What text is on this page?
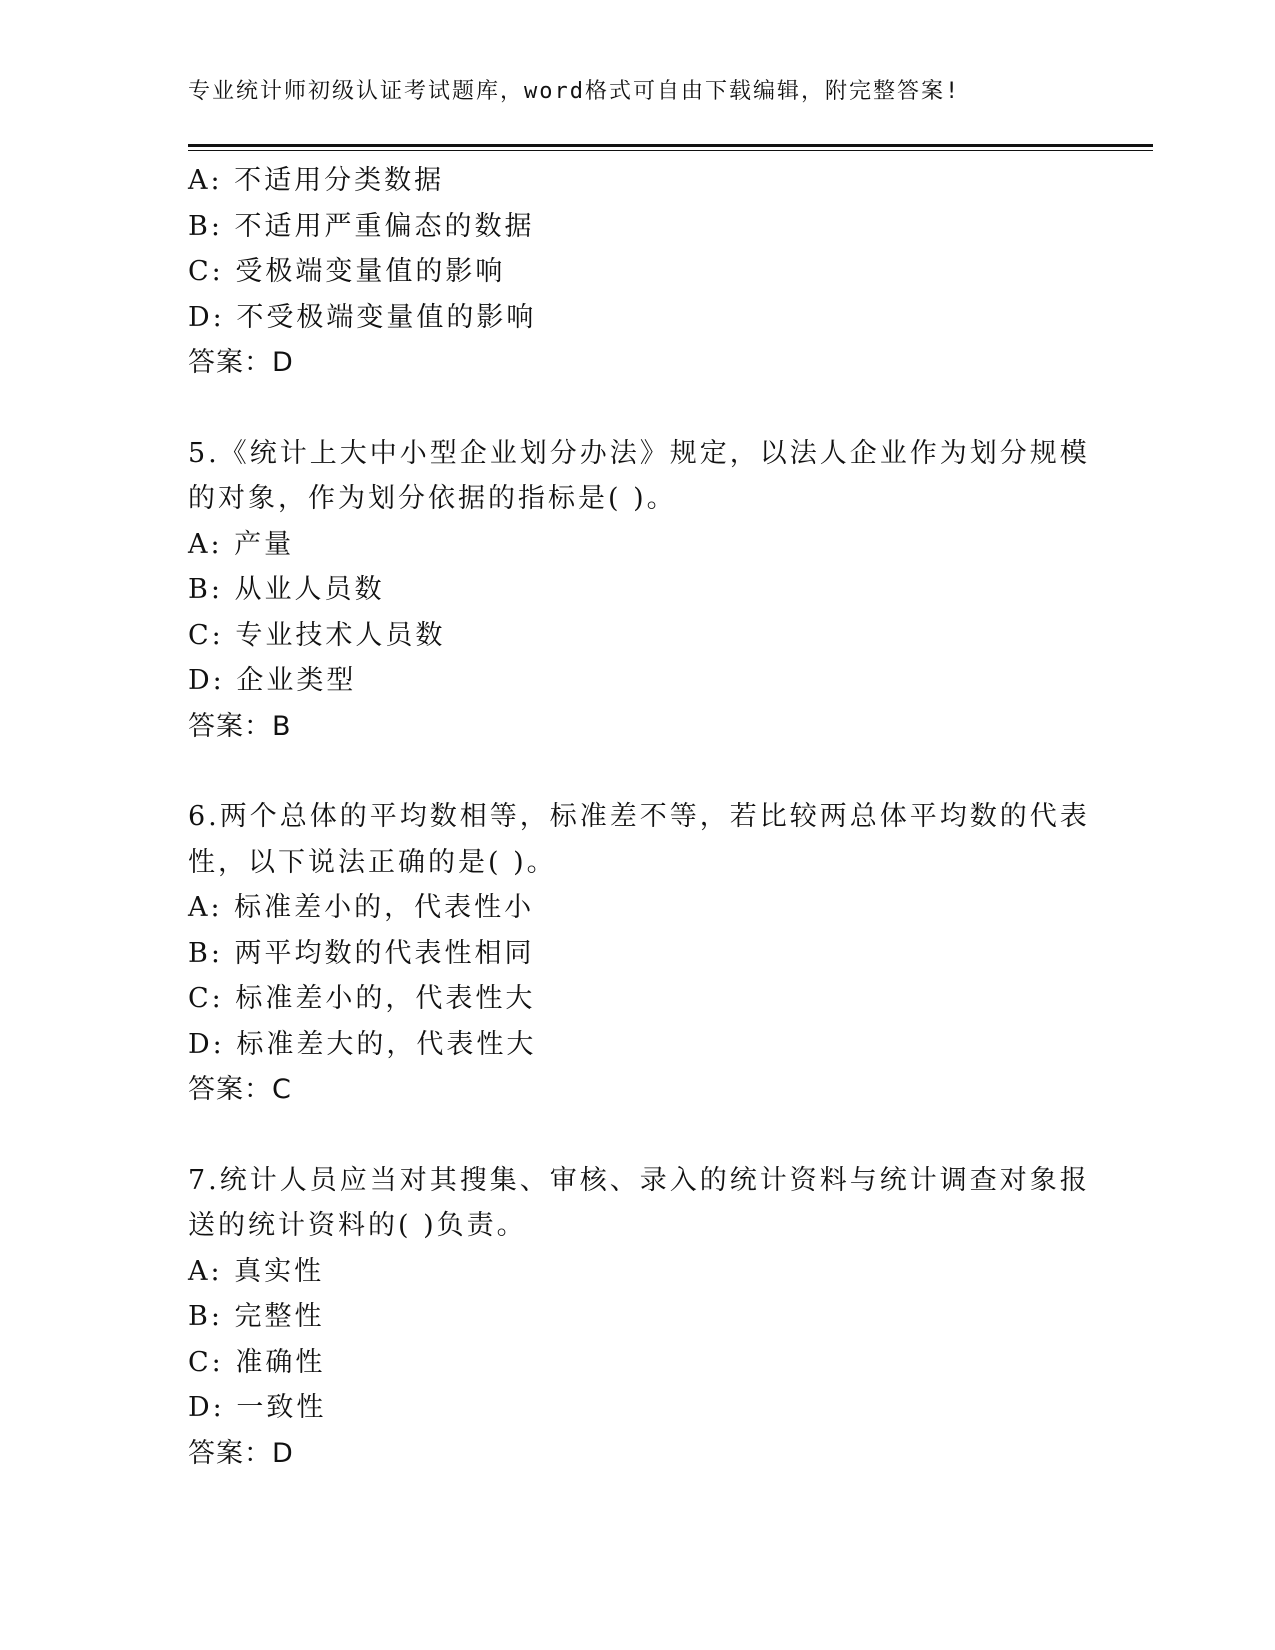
专业统计师初级认证考试题库，word格式可自由下载编辑，附完整答案!
A: 不适用分类数据
B: 不适用严重偏态的数据
C: 受极端变量值的影响
D: 不受极端变量值的影响
答案：D
5.《统计上大中小型企业划分办法》规定，以法人企业作为划分规模
的对象，作为划分依据的指标是( )。
A: 产量
B: 从业人员数
C: 专业技术人员数
D: 企业类型
答案：B
6.两个总体的平均数相等，标准差不等，若比较两总体平均数的代表
性，以下说法正确的是( )。
A: 标准差小的，代表性小
B: 两平均数的代表性相同
C: 标准差小的，代表性大
D: 标准差大的，代表性大
答案：C
7.统计人员应当对其搜集、审核、录入的统计资料与统计调查对象报
送的统计资料的( )负责。
A: 真实性
B: 完整性
C: 准确性
D: 一致性
答案：D
